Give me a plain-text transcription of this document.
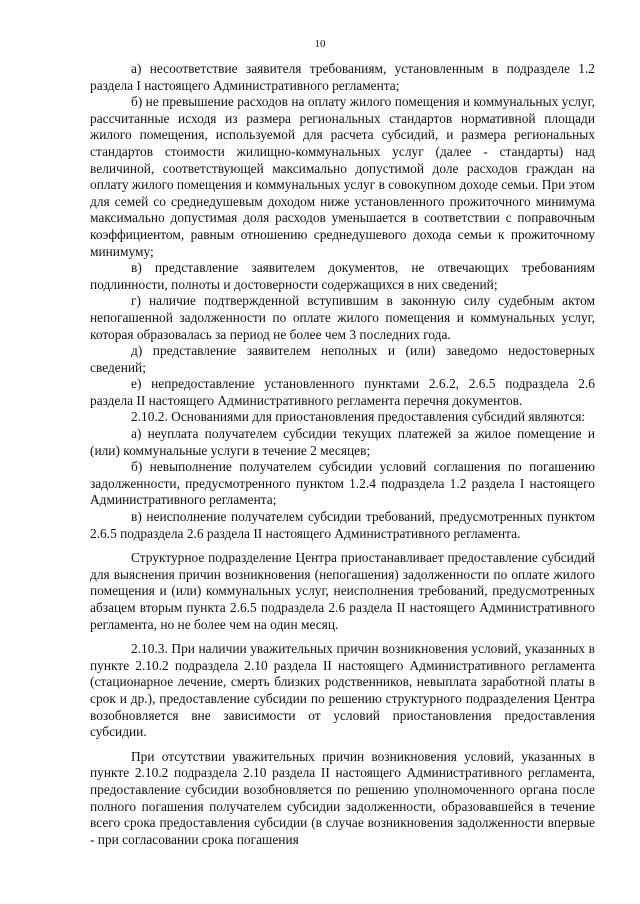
10

а) несоответствие заявителя требованиям, установленным в подразделе 1.2 раздела I настоящего Административного регламента;

б) не превышение расходов на оплату жилого помещения и коммунальных услуг, рассчитанные исходя из размера региональных стандартов нормативной площади жилого помещения, используемой для расчета субсидий, и размера региональных стандартов стоимости жилищно-коммунальных услуг (далее - стандарты) над величиной, соответствующей максимально допустимой доле расходов граждан на оплату жилого помещения и коммунальных услуг в совокупном доходе семьи. При этом для семей со среднедушевым доходом ниже установленного прожиточного минимума максимально допустимая доля расходов уменьшается в соответствии с поправочным коэффициентом, равным отношению среднедушевого дохода семьи к прожиточному минимуму;

в) представление заявителем документов, не отвечающих требованиям подлинности, полноты и достоверности содержащихся в них сведений;

г) наличие подтвержденной вступившим в законную силу судебным актом непогашенной задолженности по оплате жилого помещения и коммунальных услуг, которая образовалась за период не более чем 3 последних года.

д) представление заявителем неполных и (или) заведомо недостоверных сведений;

е) непредоставление установленного пунктами 2.6.2, 2.6.5 подраздела 2.6 раздела II настоящего Административного регламента перечня документов.

2.10.2. Основаниями для приостановления предоставления субсидий являются:

а) неуплата получателем субсидии текущих платежей за жилое помещение и (или) коммунальные услуги в течение 2 месяцев;

б) невыполнение получателем субсидии условий соглашения по погашению задолженности, предусмотренного пунктом 1.2.4 подраздела 1.2 раздела I настоящего Административного регламента;

в) неисполнение получателем субсидии требований, предусмотренных пунктом 2.6.5 подраздела 2.6 раздела II настоящего Административного регламента.

Структурное подразделение Центра приостанавливает предоставление субсидий для выяснения причин возникновения (непогашения) задолженности по оплате жилого помещения и (или) коммунальных услуг, неисполнения требований, предусмотренных абзацем вторым пункта 2.6.5 подраздела 2.6 раздела II настоящего Административного регламента, но не более чем на один месяц.

2.10.3. При наличии уважительных причин возникновения условий, указанных в пункте 2.10.2 подраздела 2.10 раздела II настоящего Административного регламента (стационарное лечение, смерть близких родственников, невыплата заработной платы в срок и др.), предоставление субсидии по решению структурного подразделения Центра возобновляется вне зависимости от условий приостановления предоставления субсидии.

При отсутствии уважительных причин возникновения условий, указанных в пункте 2.10.2 подраздела 2.10 раздела II настоящего Административного регламента, предоставление субсидии возобновляется по решению уполномоченного органа после полного погашения получателем субсидии задолженности, образовавшейся в течение всего срока предоставления субсидии (в случае возникновения задолженности впервые - при согласовании срока погашения
